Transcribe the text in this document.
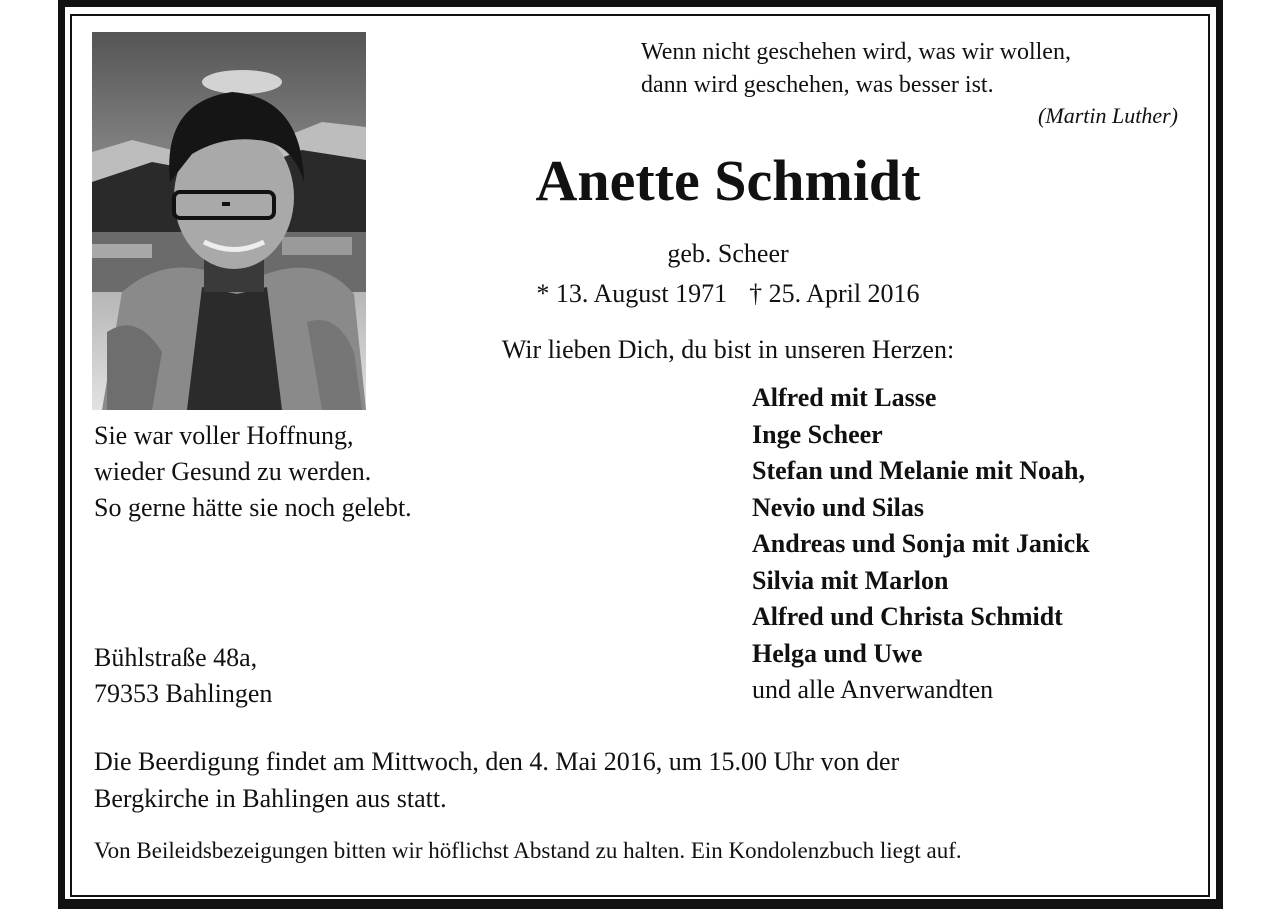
Wenn nicht geschehen wird, was wir wollen,
dann wird geschehen, was besser ist.
(Martin Luther)
Anette Schmidt
geb. Scheer
* 13. August 1971 † 25. April 2016
Wir lieben Dich, du bist in unseren Herzen:
Sie war voller Hoffnung,
wieder Gesund zu werden.
So gerne hätte sie noch gelebt.
Bühlstraße 48a,
79353 Bahlingen
Alfred mit Lasse
Inge Scheer
Stefan und Melanie mit Noah,
Nevio und Silas
Andreas und Sonja mit Janick
Silvia mit Marlon
Alfred und Christa Schmidt
Helga und Uwe
und alle Anverwandten
Die Beerdigung findet am Mittwoch, den 4. Mai 2016, um 15.00 Uhr von der
Bergkirche in Bahlingen aus statt.
Von Beileidsbezeigungen bitten wir höflichst Abstand zu halten. Ein Kondolenzbuch liegt auf.
